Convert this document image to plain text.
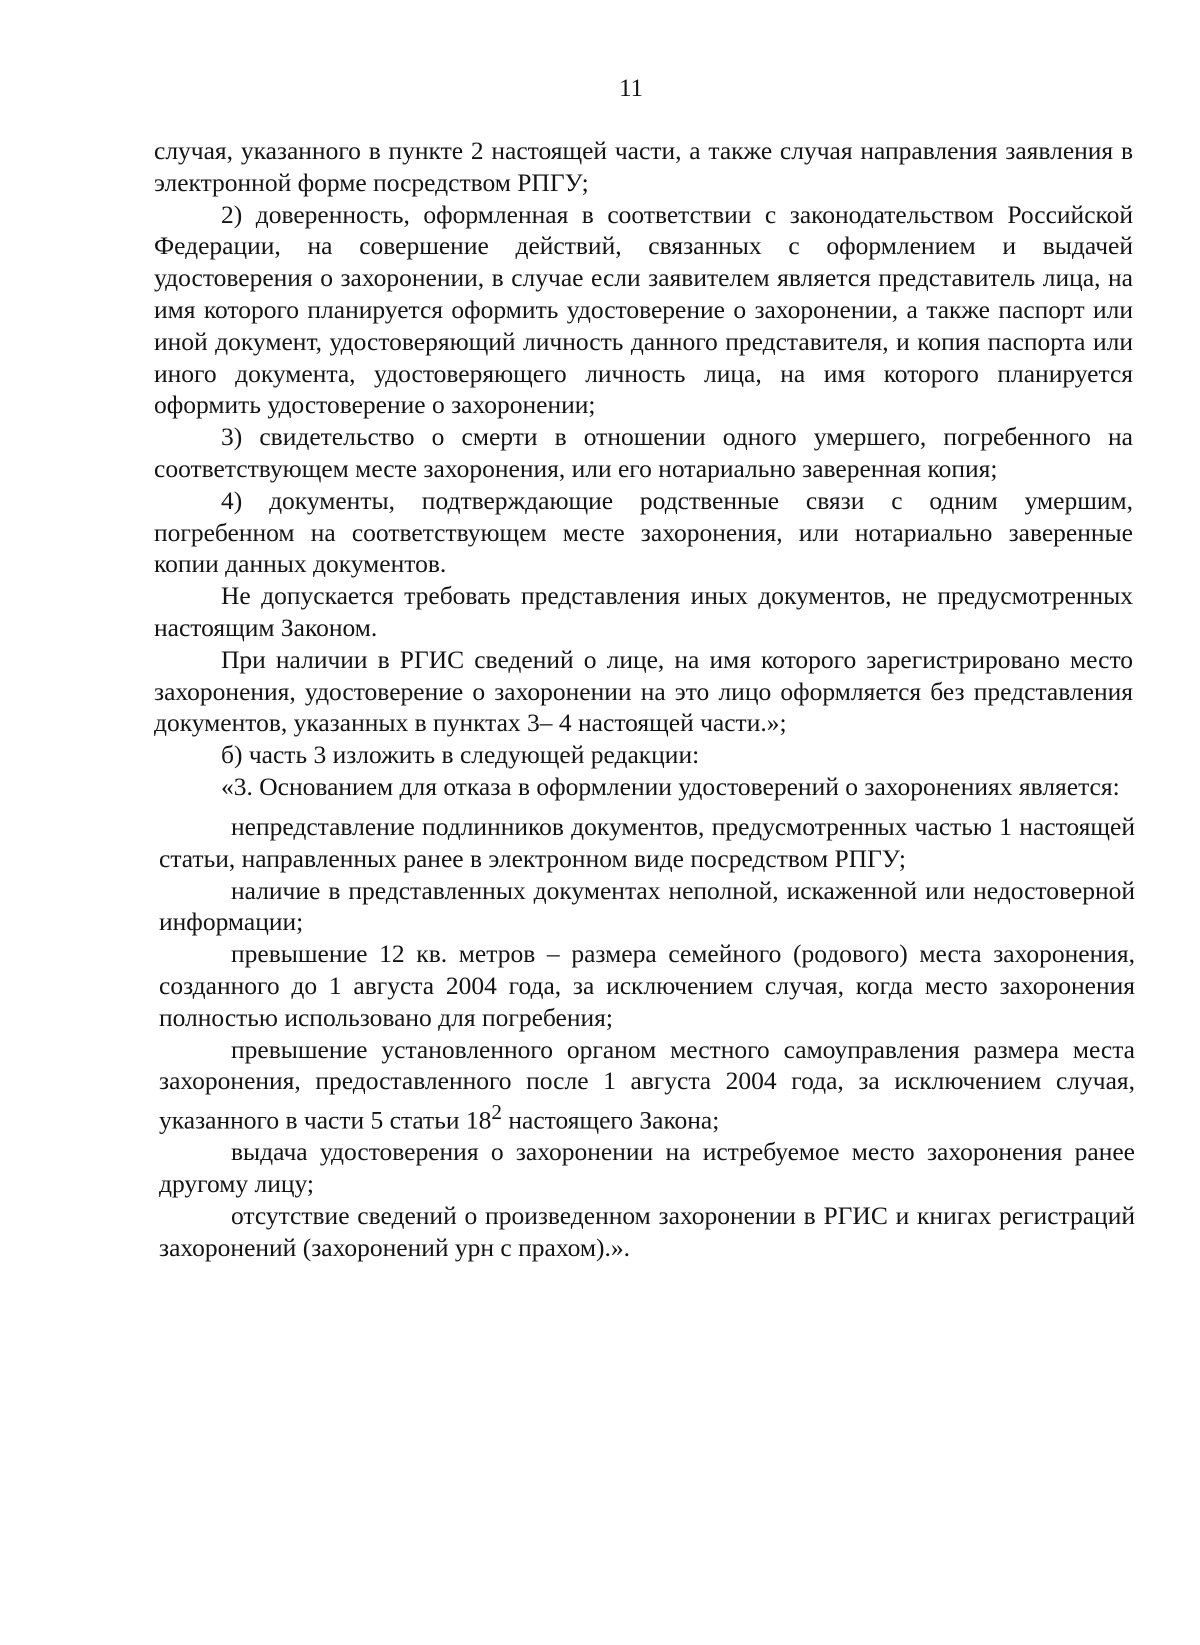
11

случая, указанного в пункте 2 настоящей части, а также случая направления заявления в электронной форме посредством РПГУ;

2) доверенность, оформленная в соответствии с законодательством Российской Федерации, на совершение действий, связанных с оформлением и выдачей удостоверения о захоронении, в случае если заявителем является представитель лица, на имя которого планируется оформить удостоверение о захоронении, а также паспорт или иной документ, удостоверяющий личность данного представителя, и копия паспорта или иного документа, удостоверяющего личность лица, на имя которого планируется оформить удостоверение о захоронении;

3) свидетельство о смерти в отношении одного умершего, погребенного на соответствующем месте захоронения, или его нотариально заверенная копия;

4) документы, подтверждающие родственные связи с одним умершим, погребенном на соответствующем месте захоронения, или нотариально заверенные копии данных документов.

Не допускается требовать представления иных документов, не предусмотренных настоящим Законом.

При наличии в РГИС сведений о лице, на имя которого зарегистрировано место захоронения, удостоверение о захоронении на это лицо оформляется без представления документов, указанных в пунктах 3– 4 настоящей части.»;

б) часть 3 изложить в следующей редакции:

«3. Основанием для отказа в оформлении удостоверений о захоронениях является:

непредставление подлинников документов, предусмотренных частью 1 настоящей статьи, направленных ранее в электронном виде посредством РПГУ;

наличие в представленных документах неполной, искаженной или недостоверной информации;

превышение 12 кв. метров – размера семейного (родового) места захоронения, созданного до 1 августа 2004 года, за исключением случая, когда место захоронения полностью использовано для погребения;

превышение установленного органом местного самоуправления размера места захоронения, предоставленного после 1 августа 2004 года, за исключением случая, указанного в части 5 статьи $18^2$ настоящего Закона;

выдача удостоверения о захоронении на истребуемое место захоронения ранее другому лицу;

отсутствие сведений о произведенном захоронении в РГИС и книгах регистраций захоронений (захоронений урн с прахом).».
